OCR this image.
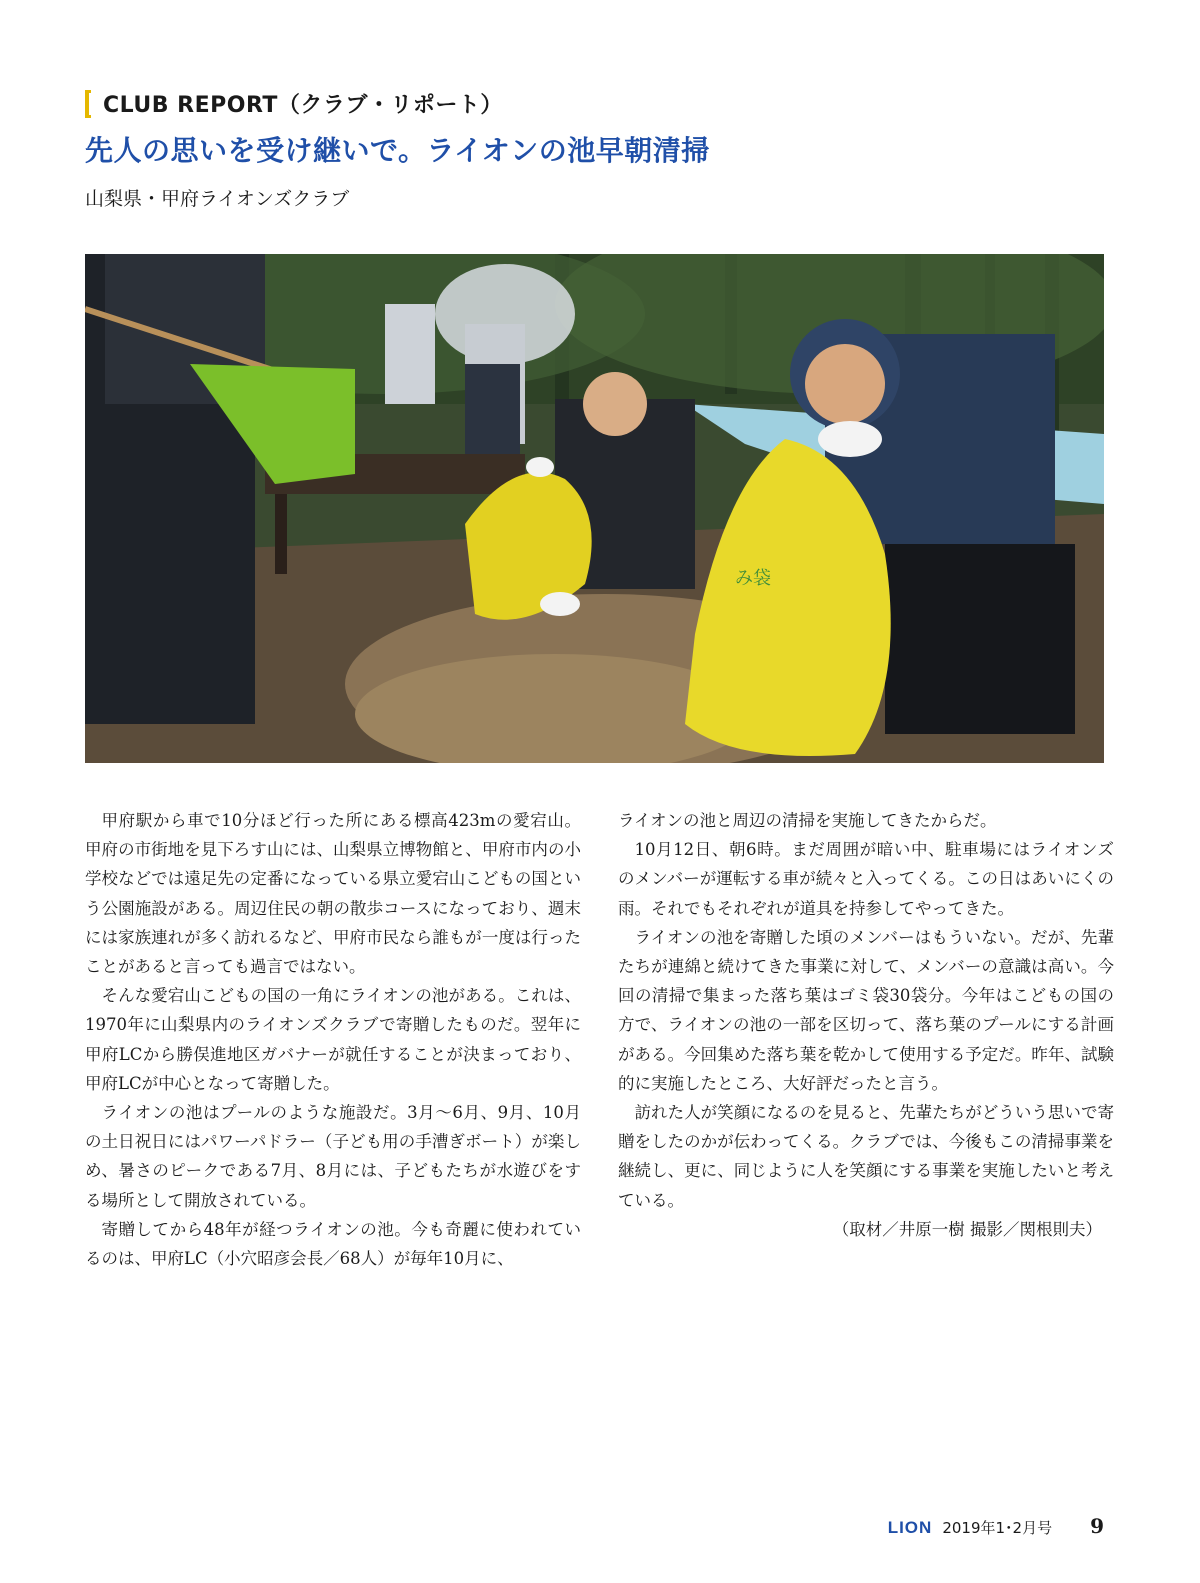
CLUB REPORT（クラブ・リポート）
先人の思いを受け継いで。ライオンの池早朝清掃
山梨県・甲府ライオンズクラブ
み袋

甲府駅から車で10分ほど行った所にある標高423mの愛宕山。甲府の市街地を見下ろす山には、山梨県立博物館と、甲府市内の小学校などでは遠足先の定番になっている県立愛宕山こどもの国という公園施設がある。周辺住民の朝の散歩コースになっており、週末には家族連れが多く訪れるなど、甲府市民なら誰もが一度は行ったことがあると言っても過言ではない。

そんな愛宕山こどもの国の一角にライオンの池がある。これは、1970年に山梨県内のライオンズクラブで寄贈したものだ。翌年に甲府LCから勝俣進地区ガバナーが就任することが決まっており、甲府LCが中心となって寄贈した。

ライオンの池はプールのような施設だ。3月〜6月、9月、10月の土日祝日にはパワーパドラー（子ども用の手漕ぎボート）が楽しめ、暑さのピークである7月、8月には、子どもたちが水遊びをする場所として開放されている。

寄贈してから48年が経つライオンの池。今も奇麗に使われているのは、甲府LC（小穴昭彦会長／68人）が毎年10月に、

ライオンの池と周辺の清掃を実施してきたからだ。

10月12日、朝6時。まだ周囲が暗い中、駐車場にはライオンズのメンバーが運転する車が続々と入ってくる。この日はあいにくの雨。それでもそれぞれが道具を持参してやってきた。

ライオンの池を寄贈した頃のメンバーはもういない。だが、先輩たちが連綿と続けてきた事業に対して、メンバーの意識は高い。今回の清掃で集まった落ち葉はゴミ袋30袋分。今年はこどもの国の方で、ライオンの池の一部を区切って、落ち葉のプールにする計画がある。今回集めた落ち葉を乾かして使用する予定だ。昨年、試験的に実施したところ、大好評だったと言う。

訪れた人が笑顔になるのを見ると、先輩たちがどういう思いで寄贈をしたのかが伝わってくる。クラブでは、今後もこの清掃事業を継続し、更に、同じように人を笑顔にする事業を実施したいと考えている。

（取材／井原一樹 撮影／関根則夫）

LION 2019年1･2月号 9
